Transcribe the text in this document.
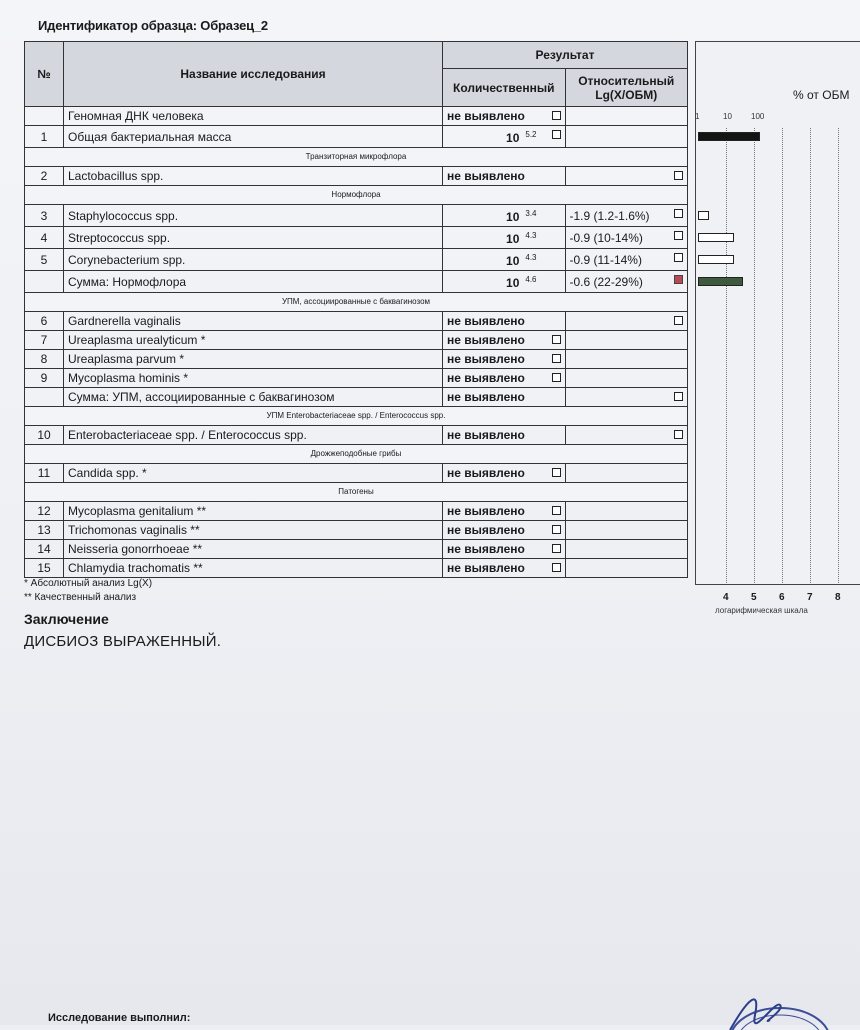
Идентификатор образца: Образец_2
№	Название исследования	Результат	
		Количественный	Относительный Lg(X/ОБМ)
	Геномная ДНК человека	не выявлено

1	Общая бактериальная масса	10 $^{5.2}$

Транзиторная микрофлора			
2	Lactobacillus spp.	не выявлено	

Нормофлора			
3	Staphylococcus spp.	10 $^{3.4}$	-1.9 (1.2-1.6%)

4	Streptococcus spp.	10 $^{4.3}$	-0.9 (10-14%)

5	Corynebacterium spp.	10 $^{4.3}$	-0.9 (11-14%)

	Сумма: Нормофлора	10 $^{4.6}$	-0.6 (22-29%)

УПМ, ассоциированные с баквагинозом			
6	Gardnerella vaginalis	не выявлено	

7	Ureaplasma urealyticum *	не выявлено

8	Ureaplasma parvum *	не выявлено

9	Mycoplasma hominis *	не выявлено

	Сумма: УПМ, ассоциированные с баквагинозом	не выявлено	

УПМ Enterobacteriaceae spp. / Enterococcus spp.			
10	Enterobacteriaceae spp. / Enterococcus spp.	не выявлено	

Дрожжеподобные грибы			
11	Candida spp. *	не выявлено

Патогены			
12	Mycoplasma genitalium **	не выявлено

13	Trichomonas vaginalis **	не выявлено

14	Neisseria gonorrhoeae **	не выявлено

15	Chlamydia trachomatis **	не выявлено

% от ОБМ
1	10 100
4 5 6 7 8
логарифмическая шкала
* Абсолютный анализ Lg(X)
** Качественный анализ
Заключение
ДИСБИОЗ ВЫРАЖЕННЫЙ.
Исследование выполнил:
